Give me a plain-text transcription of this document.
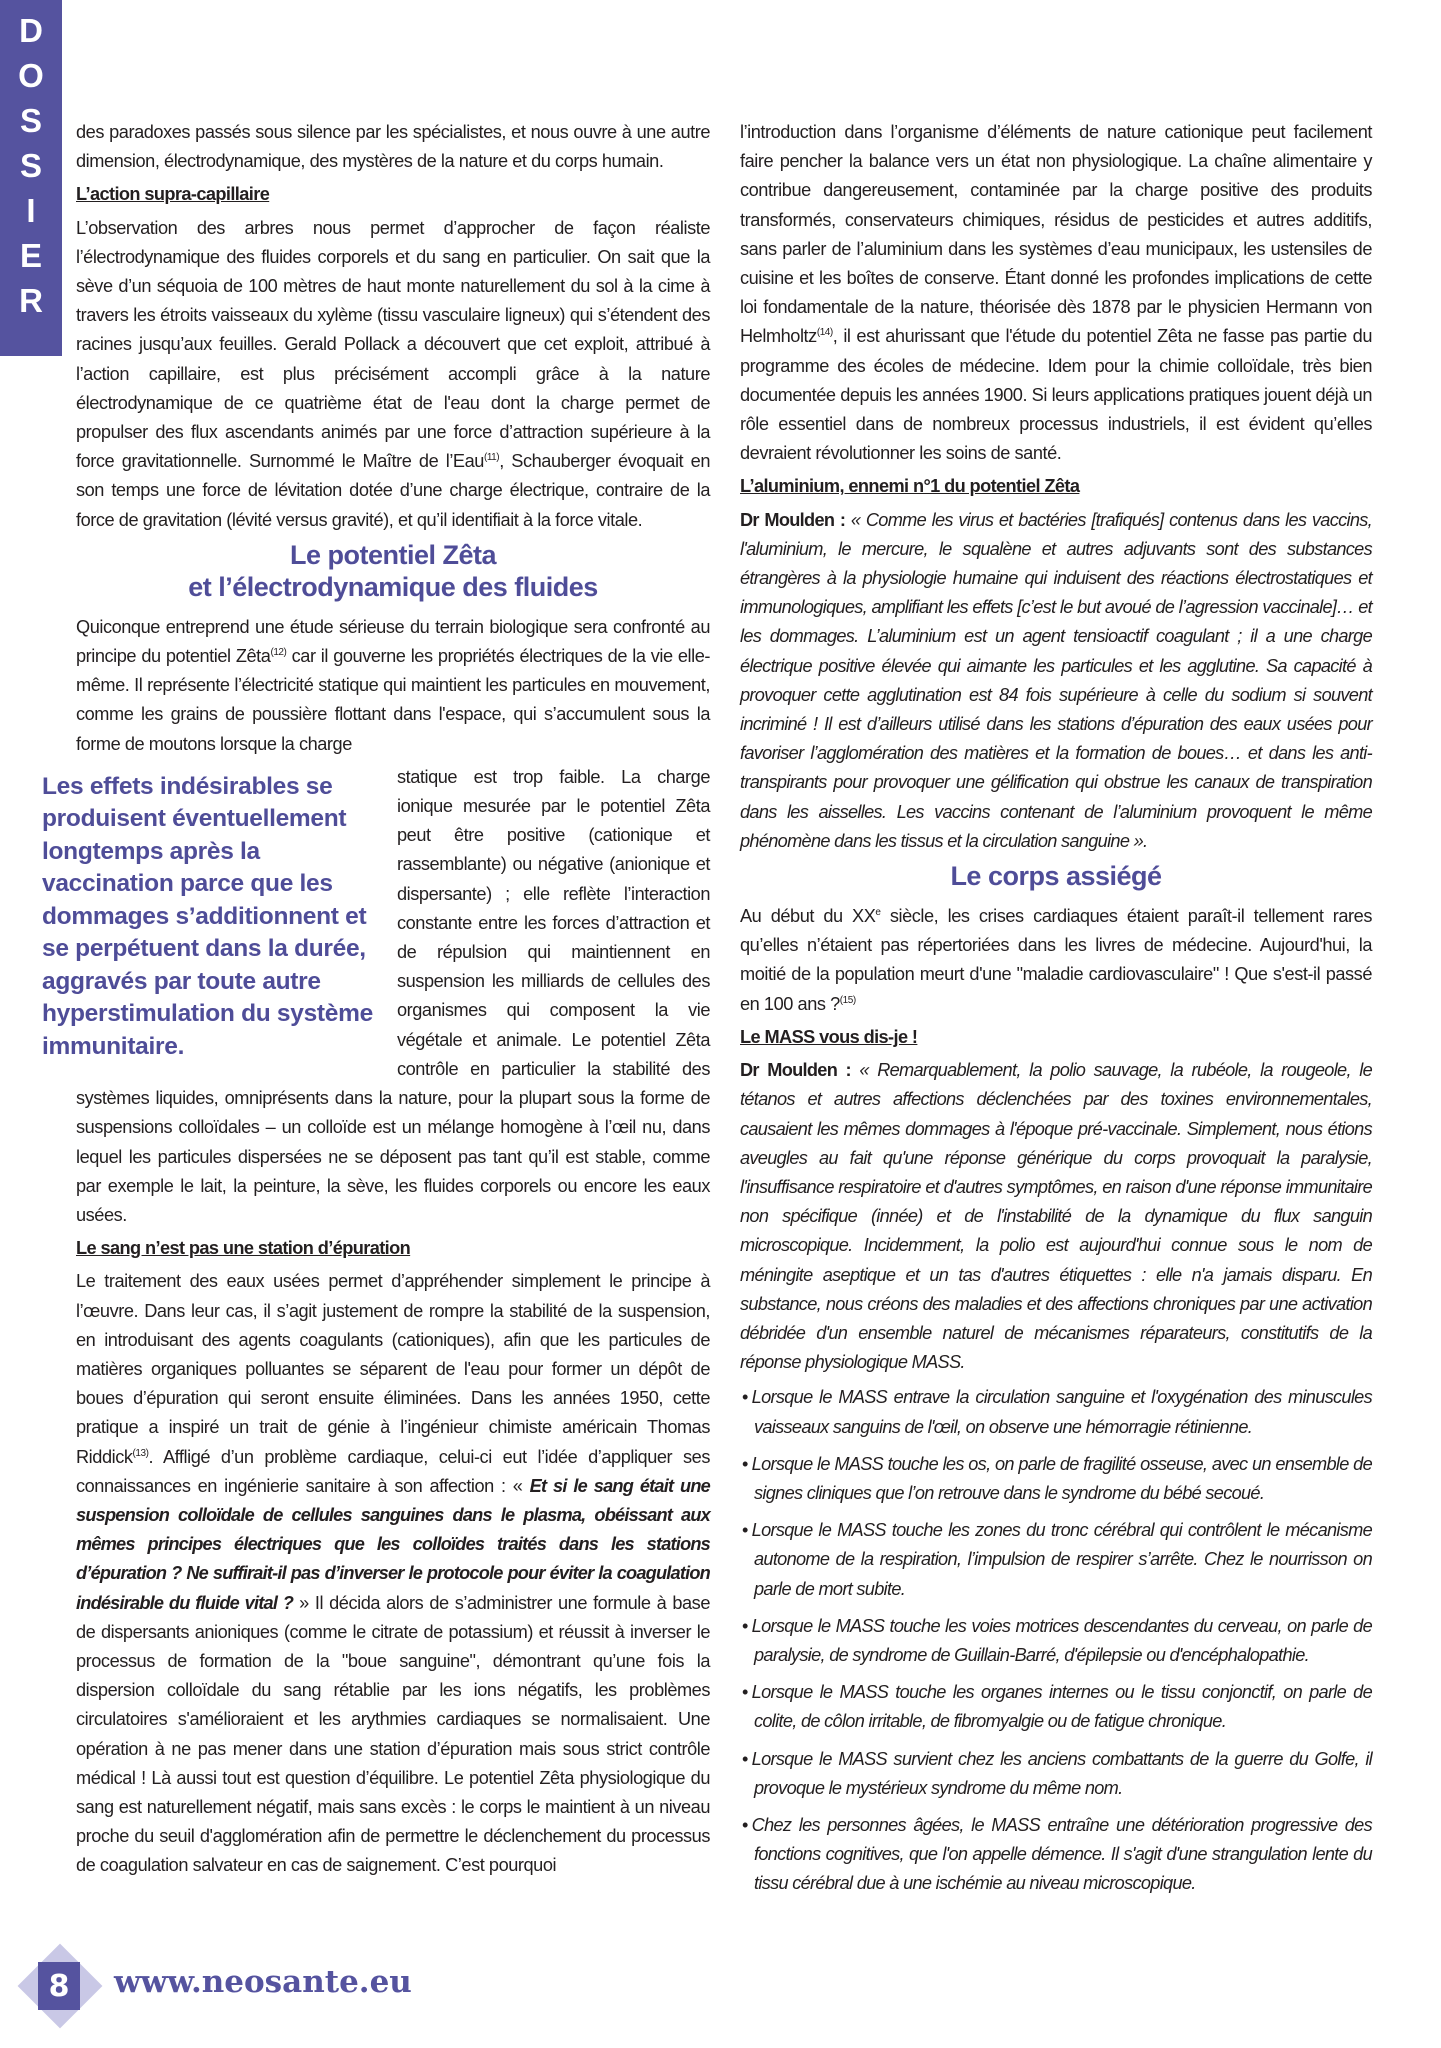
D
O
S
S
I
E
R

des paradoxes passés sous silence par les spécialistes, et nous ouvre à une autre dimension, électrodynamique, des mystères de la nature et du corps humain.

L’action supra-capillaire

L’observation des arbres nous permet d’approcher de façon réaliste l’électrodynamique des fluides corporels et du sang en particulier. On sait que la sève d’un séquoia de 100 mètres de haut monte naturellement du sol à la cime à travers les étroits vaisseaux du xylème (tissu vasculaire ligneux) qui s’étendent des racines jusqu’aux feuilles. Gerald Pollack a découvert que cet exploit, attribué à l’action capillaire, est plus précisément accompli grâce à la nature électrodynamique de ce quatrième état de l'eau dont la charge permet de propulser des flux ascendants animés par une force d’attraction supérieure à la force gravitationnelle. Surnommé le Maître de l’Eau$^{(11)}$, Schauberger évoquait en son temps une force de lévitation dotée d’une charge électrique, contraire de la force de gravitation (lévité versus gravité), et qu’il identifiait à la force vitale.

Le potentiel Zêta
et l’électrodynamique des fluides

Quiconque entreprend une étude sérieuse du terrain biologique sera confronté au principe du potentiel Zêta$^{(12)}$ car il gouverne les propriétés électriques de la vie elle-même. Il représente l’électricité statique qui maintient les particules en mouvement, comme les grains de poussière flottant dans l'espace, qui s’accumulent sous la forme de moutons lorsque la charge

Les effets indésirables se produisent éventuellement longtemps après la vaccination parce que les dommages s’additionnent et se perpétuent dans la durée, aggravés par toute autre hyperstimulation du système immunitaire.

statique est trop faible. La charge ionique mesurée par le potentiel Zêta peut être positive (cationique et rassemblante) ou négative (anionique et dispersante) ; elle reflète l’interaction constante entre les forces d’attraction et de répulsion qui maintiennent en suspension les milliards de cellules des organismes qui composent la vie végétale et animale. Le potentiel Zêta contrôle en particulier la stabilité des systèmes liquides, omniprésents dans la nature, pour la plupart sous la forme de suspensions colloïdales – un colloïde est un mélange homogène à l’œil nu, dans lequel les particules dispersées ne se déposent pas tant qu’il est stable, comme par exemple le lait, la peinture, la sève, les fluides corporels ou encore les eaux usées.

Le sang n’est pas une station d’épuration

Le traitement des eaux usées permet d’appréhender simplement le principe à l’œuvre. Dans leur cas, il s’agit justement de rompre la stabilité de la suspension, en introduisant des agents coagulants (cationiques), afin que les particules de matières organiques polluantes se séparent de l'eau pour former un dépôt de boues d’épuration qui seront ensuite éliminées. Dans les années 1950, cette pratique a inspiré un trait de génie à l’ingénieur chimiste américain Thomas Riddick$^{(13)}$. Affligé d’un problème cardiaque, celui-ci eut l’idée d’appliquer ses connaissances en ingénierie sanitaire à son affection : « Et si le sang était une suspension colloïdale de cellules sanguines dans le plasma, obéissant aux mêmes principes électriques que les colloïdes traités dans les stations d’épuration ? Ne suffirait-il pas d’inverser le protocole pour éviter la coagulation indésirable du fluide vital ? » Il décida alors de s’administrer une formule à base de dispersants anioniques (comme le citrate de potassium) et réussit à inverser le processus de formation de la "boue sanguine", démontrant qu’une fois la dispersion colloïdale du sang rétablie par les ions négatifs, les problèmes circulatoires s'amélioraient et les arythmies cardiaques se normalisaient. Une opération à ne pas mener dans une station d’épuration mais sous strict contrôle médical ! Là aussi tout est question d’équilibre. Le potentiel Zêta physiologique du sang est naturellement négatif, mais sans excès : le corps le maintient à un niveau proche du seuil d'agglomération afin de permettre le déclenchement du processus de coagulation salvateur en cas de saignement. C’est pourquoi

l’introduction dans l’organisme d’éléments de nature cationique peut facilement faire pencher la balance vers un état non physiologique. La chaîne alimentaire y contribue dangereusement, contaminée par la charge positive des produits transformés, conservateurs chimiques, résidus de pesticides et autres additifs, sans parler de l’aluminium dans les systèmes d’eau municipaux, les ustensiles de cuisine et les boîtes de conserve. Étant donné les profondes implications de cette loi fondamentale de la nature, théorisée dès 1878 par le physicien Hermann von Helmholtz$^{(14)}$, il est ahurissant que l'étude du potentiel Zêta ne fasse pas partie du programme des écoles de médecine. Idem pour la chimie colloïdale, très bien documentée depuis les années 1900. Si leurs applications pratiques jouent déjà un rôle essentiel dans de nombreux processus industriels, il est évident qu’elles devraient révolutionner les soins de santé.

L’aluminium, ennemi n°1 du potentiel Zêta

Dr Moulden : « Comme les virus et bactéries [trafiqués] contenus dans les vaccins, l'aluminium, le mercure, le squalène et autres adjuvants sont des substances étrangères à la physiologie humaine qui induisent des réactions électrostatiques et immunologiques, amplifiant les effets [c’est le but avoué de l’agression vaccinale]… et les dommages. L’aluminium est un agent tensioactif coagulant ; il a une charge électrique positive élevée qui aimante les particules et les agglutine. Sa capacité à provoquer cette agglutination est 84 fois supérieure à celle du sodium si souvent incriminé ! Il est d’ailleurs utilisé dans les stations d’épuration des eaux usées pour favoriser l’agglomération des matières et la formation de boues… et dans les anti-transpirants pour provoquer une gélification qui obstrue les canaux de transpiration dans les aisselles. Les vaccins contenant de l’aluminium provoquent le même phénomène dans les tissus et la circulation sanguine ».

Le corps assiégé

Au début du XXe siècle, les crises cardiaques étaient paraît-il tellement rares qu’elles n’étaient pas répertoriées dans les livres de médecine. Aujourd'hui, la moitié de la population meurt d'une "maladie cardiovasculaire" ! Que s'est-il passé en 100 ans ?$^{(15)}$

Le MASS vous dis-je !

Dr Moulden : « Remarquablement, la polio sauvage, la rubéole, la rougeole, le tétanos et autres affections déclenchées par des toxines environnementales, causaient les mêmes dommages à l'époque pré-vaccinale. Simplement, nous étions aveugles au fait qu'une réponse générique du corps provoquait la paralysie, l'insuffisance respiratoire et d'autres symptômes, en raison d'une réponse immunitaire non spécifique (innée) et de l'instabilité de la dynamique du flux sanguin microscopique. Incidemment, la polio est aujourd'hui connue sous le nom de méningite aseptique et un tas d'autres étiquettes : elle n'a jamais disparu. En substance, nous créons des maladies et des affections chroniques par une activation débridée d'un ensemble naturel de mécanismes réparateurs, constitutifs de la réponse physiologique MASS.

• Lorsque le MASS entrave la circulation sanguine et l'oxygénation des minuscules vaisseaux sanguins de l'œil, on observe une hémorragie rétinienne.
• Lorsque le MASS touche les os, on parle de fragilité osseuse, avec un ensemble de signes cliniques que l’on retrouve dans le syndrome du bébé secoué.
• Lorsque le MASS touche les zones du tronc cérébral qui contrôlent le mécanisme autonome de la respiration, l’impulsion de respirer s’arrête. Chez le nourrisson on parle de mort subite.
• Lorsque le MASS touche les voies motrices descendantes du cerveau, on parle de paralysie, de syndrome de Guillain-Barré, d'épilepsie ou d'encéphalopathie.
• Lorsque le MASS touche les organes internes ou le tissu conjonctif, on parle de colite, de côlon irritable, de fibromyalgie ou de fatigue chronique.
• Lorsque le MASS survient chez les anciens combattants de la guerre du Golfe, il provoque le mystérieux syndrome du même nom.
• Chez les personnes âgées, le MASS entraîne une détérioration progressive des fonctions cognitives, que l'on appelle démence. Il s'agit d'une strangulation lente du tissu cérébral due à une ischémie au niveau microscopique.
8	www.neosante.eu
